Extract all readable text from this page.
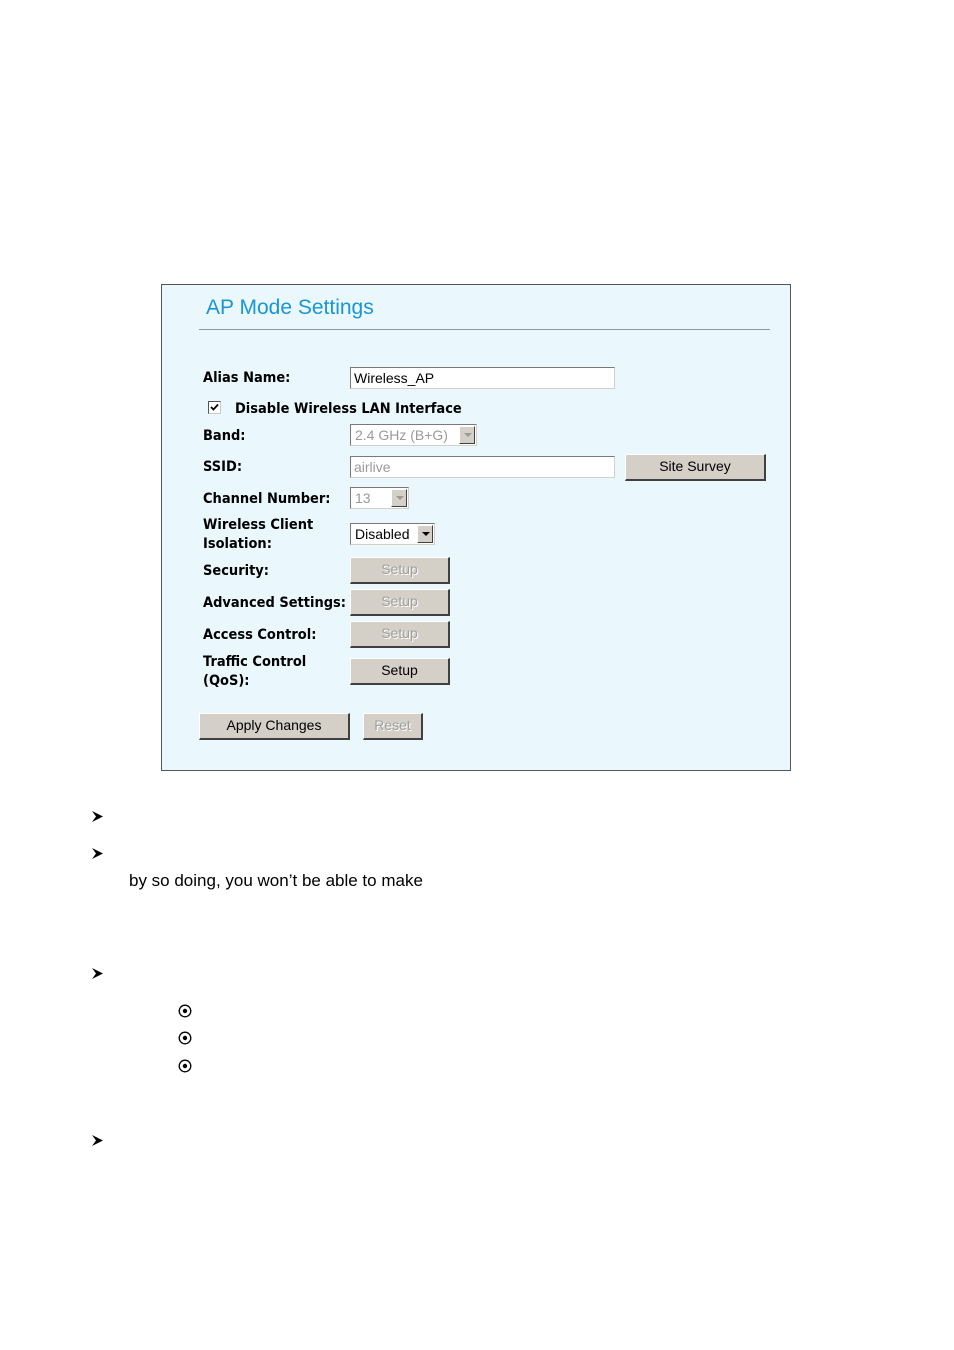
AP Mode Settings
Alias Name:	Wireless_AP
Disable Wireless LAN Interface
Band:	2.4 GHz (B+G)
SSID:	airlive	Site Survey
Channel Number: 13
Wireless Client
Isolation:
Disabled
Security:	Setup
Advanced Settings:	Setup
Access Control:	Setup
Traffic Control
(QoS):
Setup
Apply Changes	Reset
by so doing, you won’t be able to make
